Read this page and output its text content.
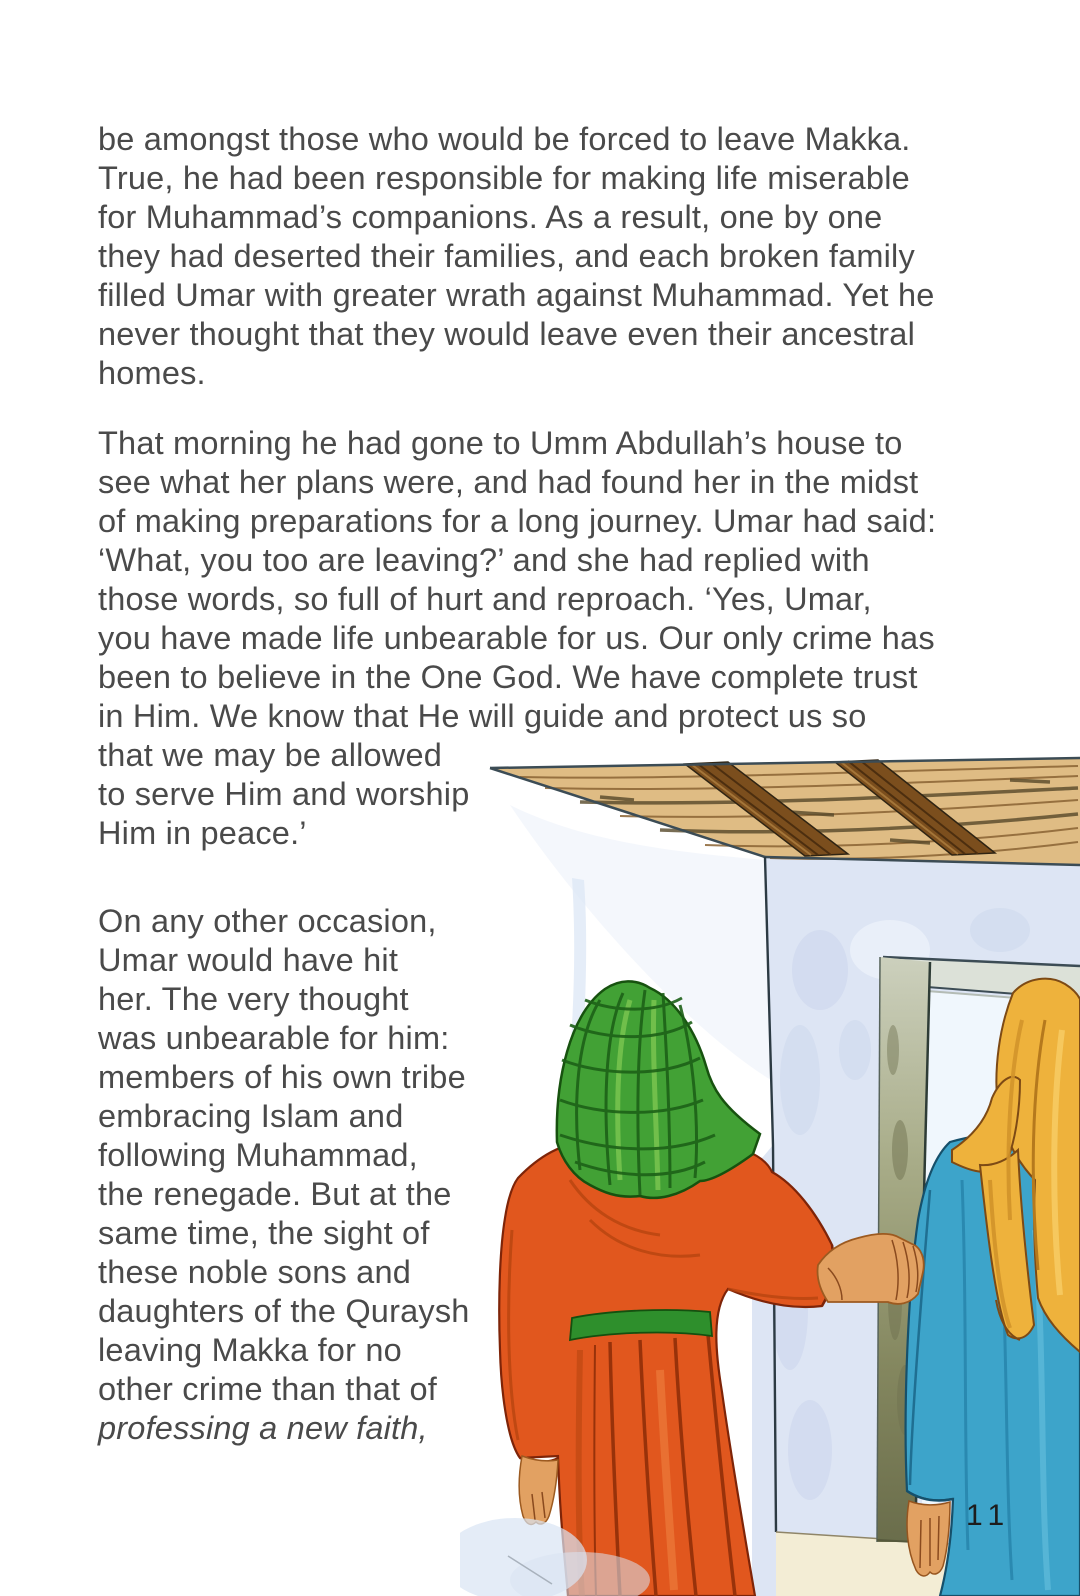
be amongst those who would be forced to leave Makka.
True, he had been responsible for making life miserable
for Muhammad’s companions. As a result, one by one
they had deserted their families, and each broken family
filled Umar with greater wrath against Muhammad. Yet he
never thought that they would leave even their ancestral
homes.
That morning he had gone to Umm Abdullah’s house to
see what her plans were, and had found her in the midst
of making preparations for a long journey. Umar had said:
‘What, you too are leaving?’ and she had replied with
those words, so full of hurt and reproach. ‘Yes, Umar,
you have made life unbearable for us. Our only crime has
been to believe in the One God. We have complete trust
in Him. We know that He will guide and protect us so
that we may be allowed
to serve Him and worship
Him in peace.’
On any other occasion,
Umar would have hit
her. The very thought
was unbearable for him:
members of his own tribe
embracing Islam and
following Muhammad,
the renegade. But at the
same time, the sight of
these noble sons and
daughters of the Quraysh
leaving Makka for no
other crime than that of
professing a new faith,
11
